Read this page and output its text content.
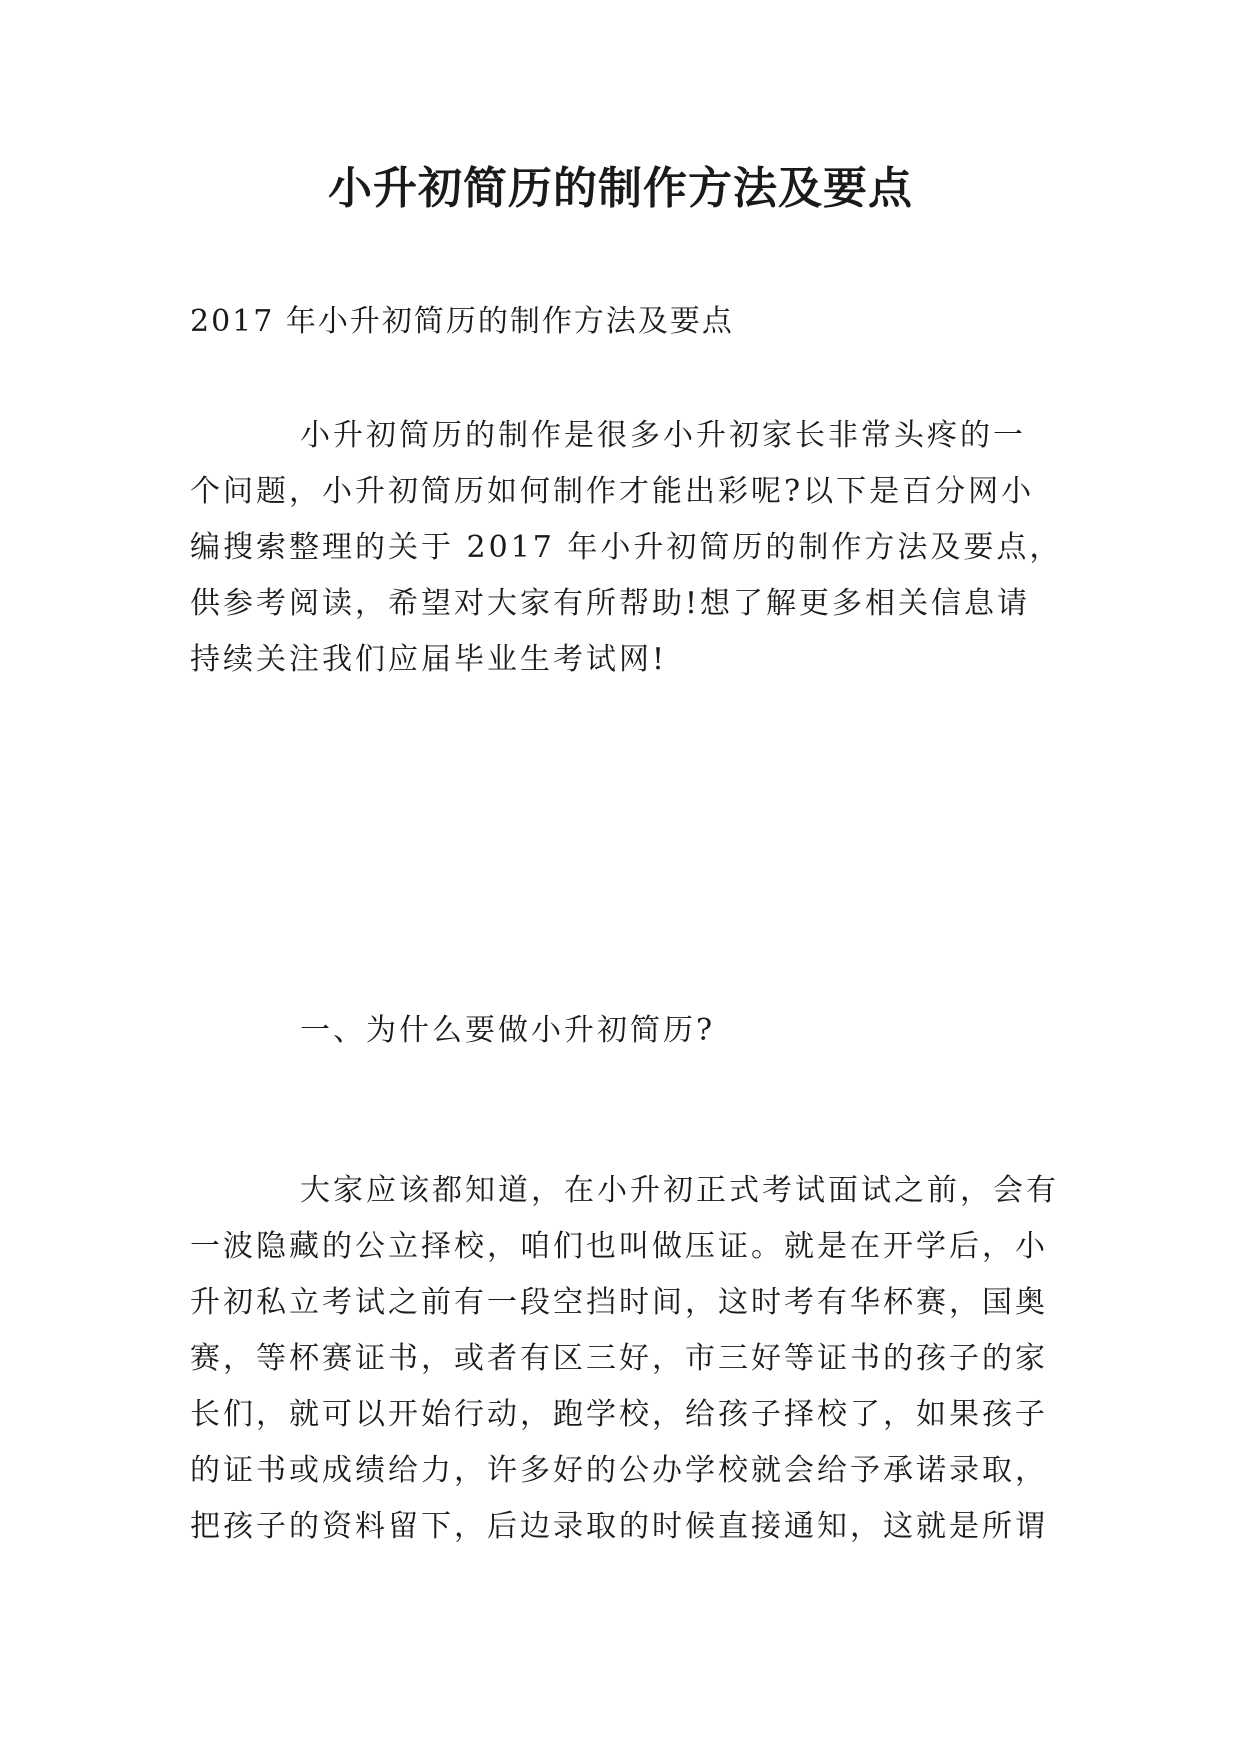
小升初简历的制作方法及要点

2017 年小升初简历的制作方法及要点

小升初简历的制作是很多小升初家长非常头疼的一

个问题，小升初简历如何制作才能出彩呢?以下是百分网小

编搜索整理的关于 2017 年小升初简历的制作方法及要点，

供参考阅读，希望对大家有所帮助!想了解更多相关信息请

持续关注我们应届毕业生考试网!

一、为什么要做小升初简历?

大家应该都知道，在小升初正式考试面试之前，会有

一波隐藏的公立择校，咱们也叫做压证。就是在开学后，小

升初私立考试之前有一段空挡时间，这时考有华杯赛，国奥

赛，等杯赛证书，或者有区三好，市三好等证书的孩子的家

长们，就可以开始行动，跑学校，给孩子择校了，如果孩子

的证书或成绩给力，许多好的公办学校就会给予承诺录取，

把孩子的资料留下，后边录取的时候直接通知，这就是所谓
